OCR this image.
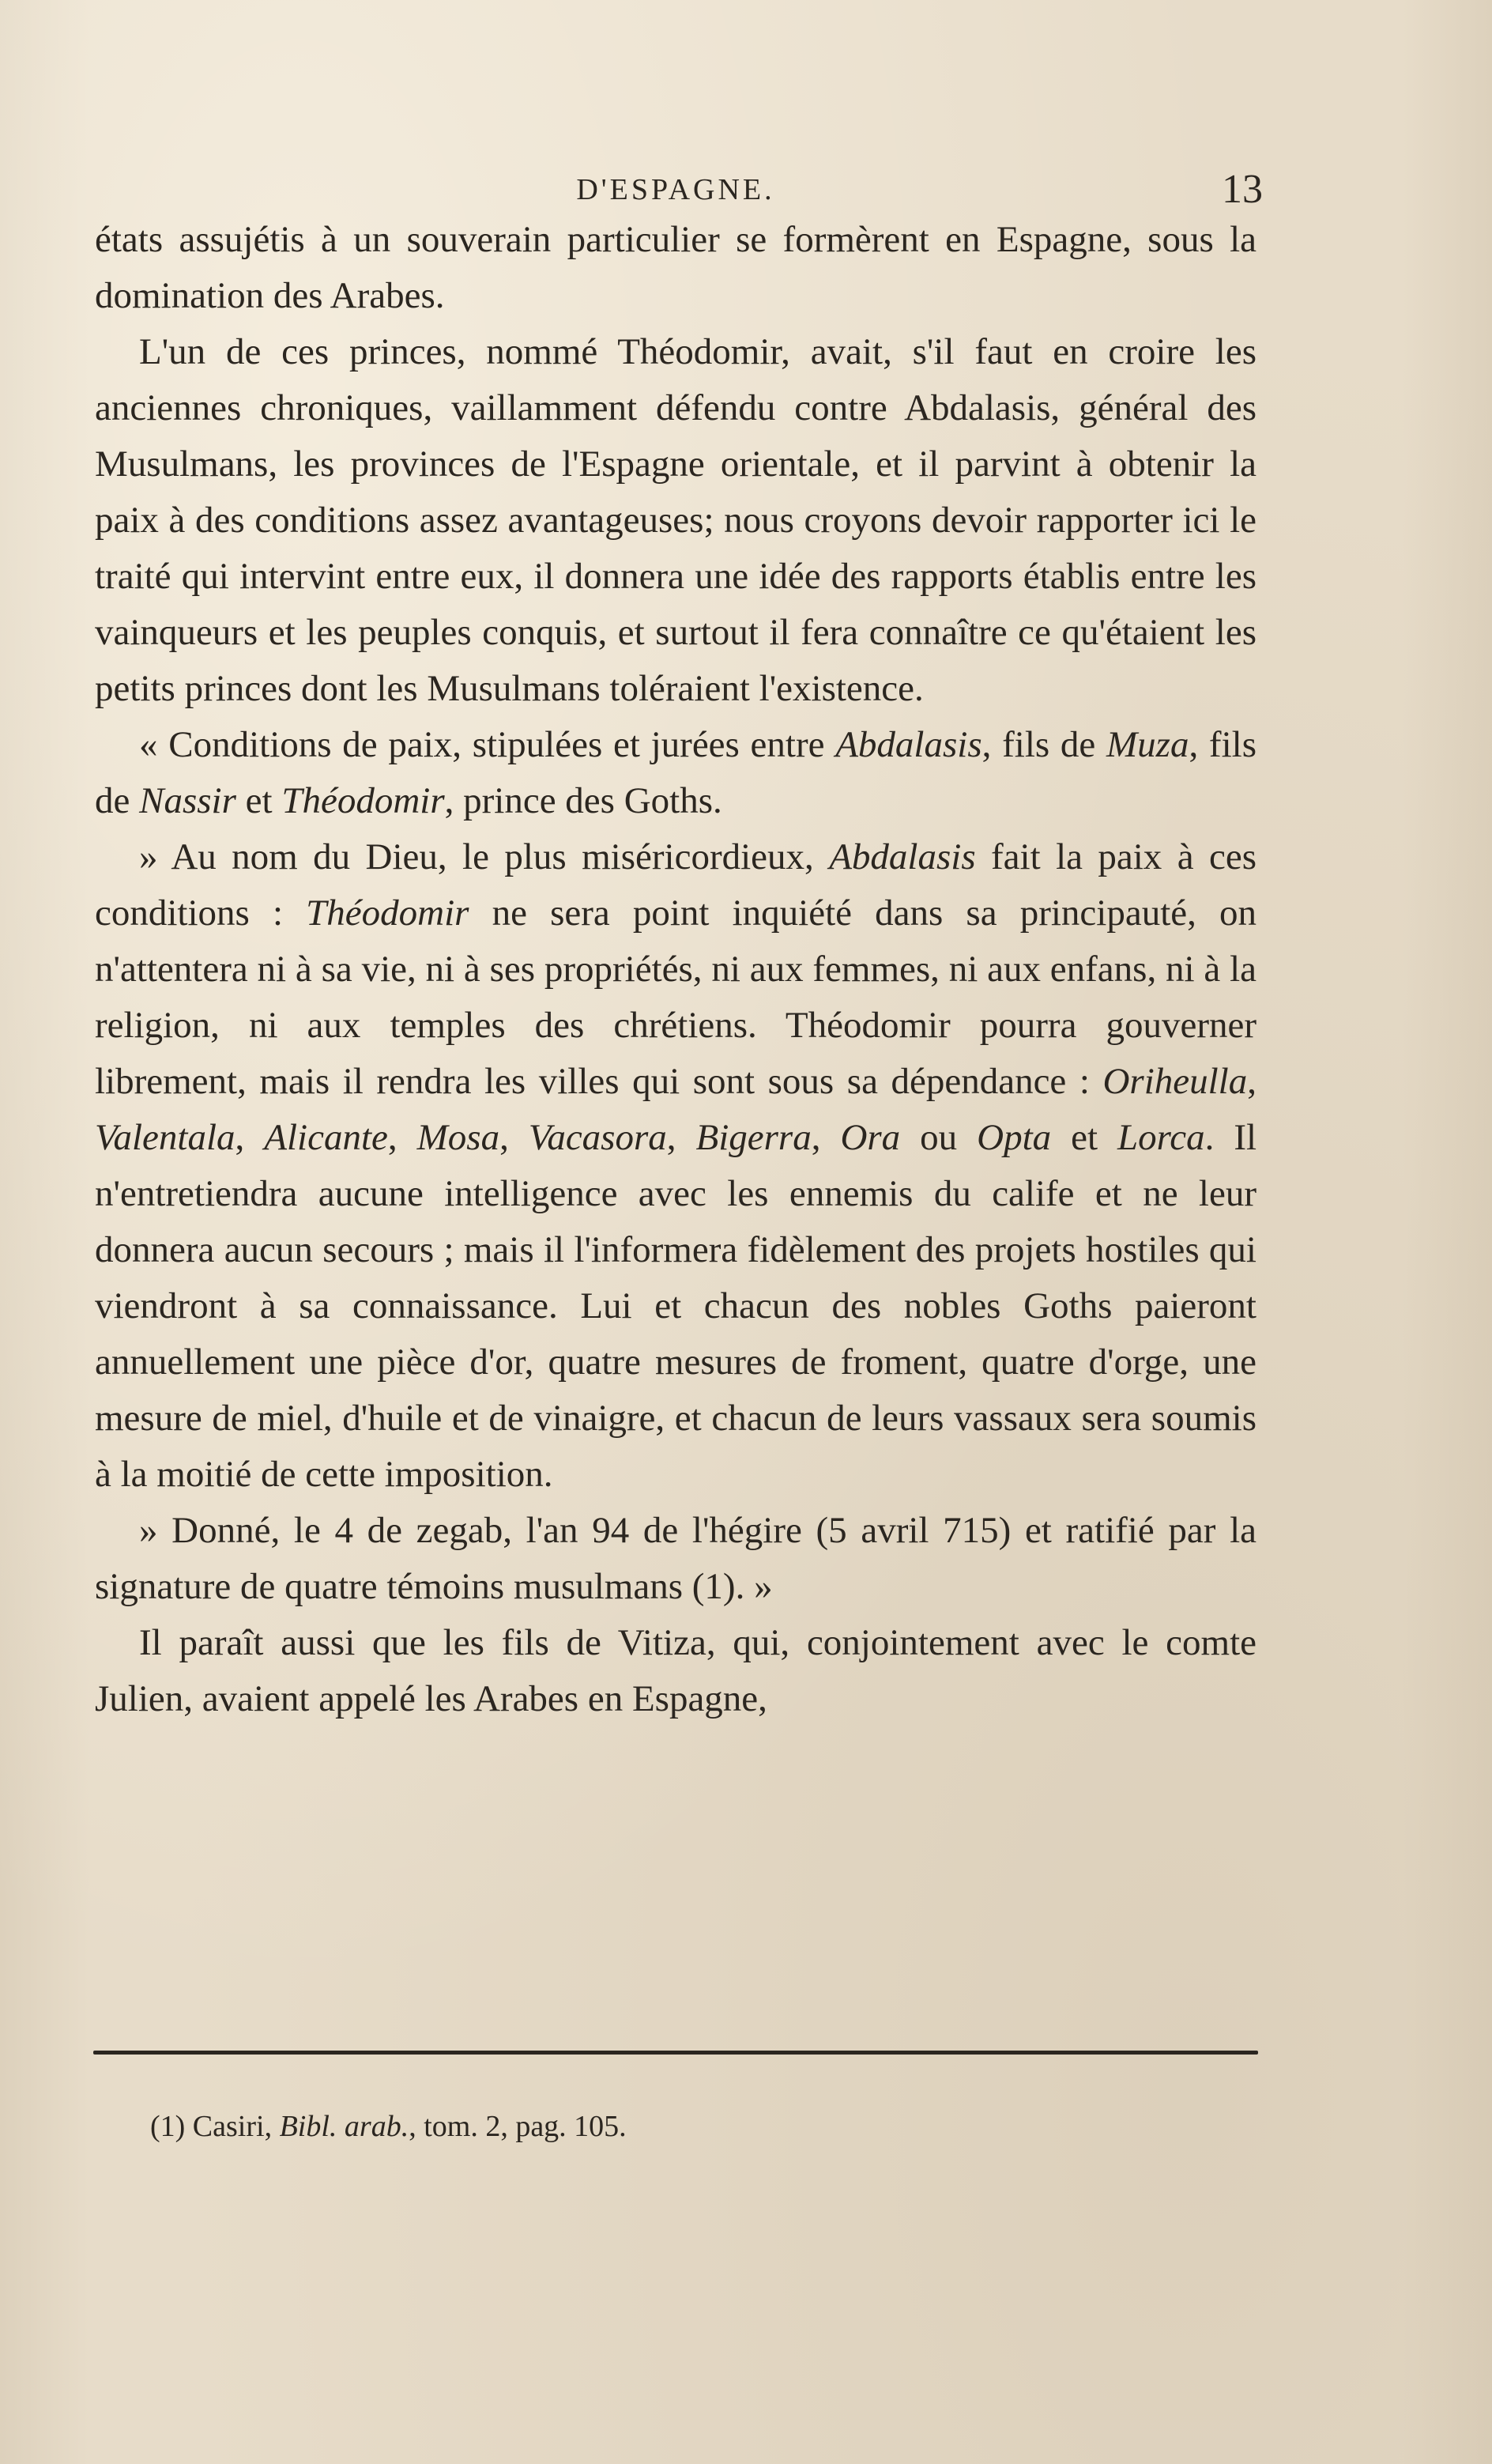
D'ESPAGNE.	13

états assujétis à un souverain particulier se formèrent en Espagne, sous la domination des Arabes.

L'un de ces princes, nommé Théodomir, avait, s'il faut en croire les anciennes chroniques, vaillamment défendu contre Abdalasis, général des Musulmans, les provinces de l'Espagne orientale, et il parvint à obtenir la paix à des conditions assez avantageuses; nous croyons devoir rapporter ici le traité qui intervint entre eux, il donnera une idée des rapports établis entre les vainqueurs et les peuples conquis, et surtout il fera connaître ce qu'étaient les petits princes dont les Musulmans toléraient l'existence.

« Conditions de paix, stipulées et jurées entre Abdalasis, fils de Muza, fils de Nassir et Théodomir, prince des Goths.

» Au nom du Dieu, le plus miséricordieux, Abdalasis fait la paix à ces conditions : Théodomir ne sera point inquiété dans sa principauté, on n'attentera ni à sa vie, ni à ses propriétés, ni aux femmes, ni aux enfans, ni à la religion, ni aux temples des chrétiens. Théodomir pourra gouverner librement, mais il rendra les villes qui sont sous sa dépendance : Oriheulla, Valentala, Alicante, Mosa, Vacasora, Bigerra, Ora ou Opta et Lorca. Il n'entretiendra aucune intelligence avec les ennemis du calife et ne leur donnera aucun secours ; mais il l'informera fidèlement des projets hostiles qui viendront à sa connaissance. Lui et chacun des nobles Goths paieront annuellement une pièce d'or, quatre mesures de froment, quatre d'orge, une mesure de miel, d'huile et de vinaigre, et chacun de leurs vassaux sera soumis à la moitié de cette imposition.

» Donné, le 4 de zegab, l'an 94 de l'hégire (5 avril 715) et ratifié par la signature de quatre témoins musulmans (1). »

Il paraît aussi que les fils de Vitiza, qui, conjointement avec le comte Julien, avaient appelé les Arabes en Espagne,

(1) Casiri, Bibl. arab., tom. 2, pag. 105.
